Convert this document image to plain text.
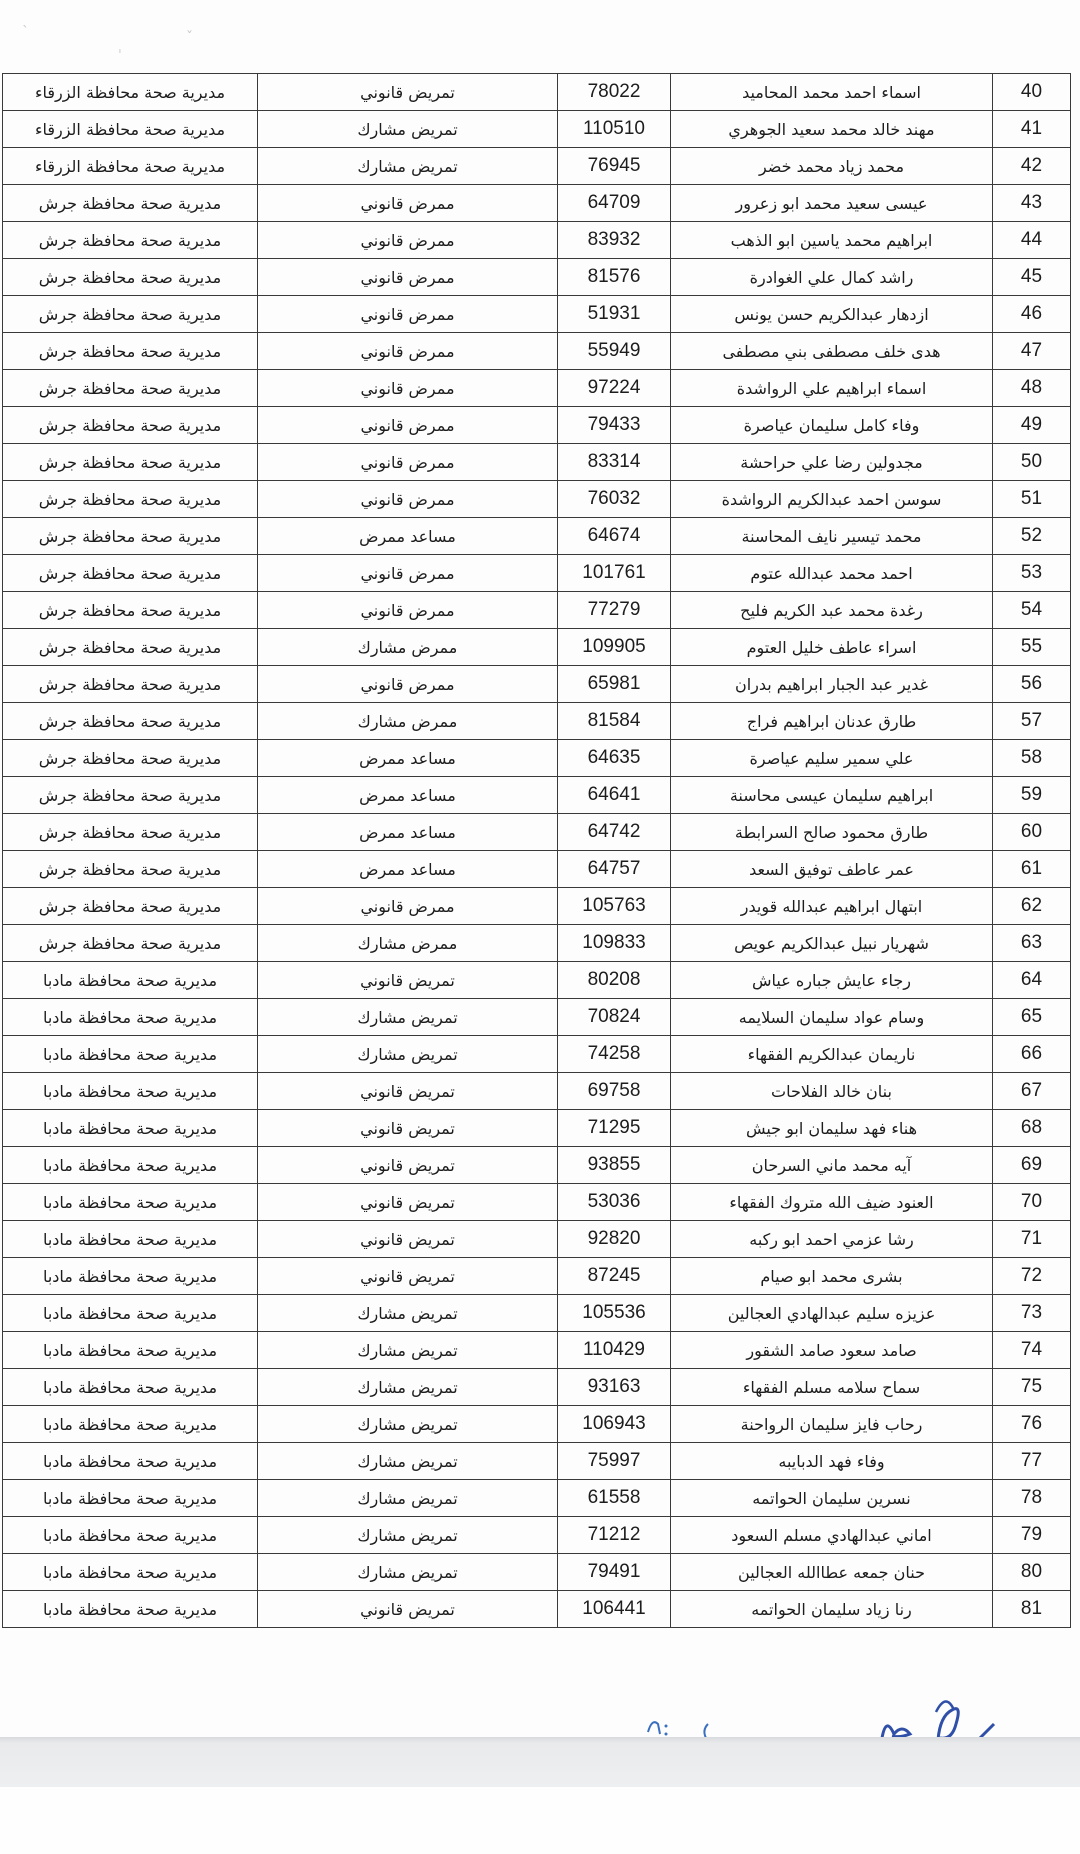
ˎ
ˈ
ˇ
40	اسماء احمد محمد المحاميد	78022	تمريض قانوني	مديرية صحة محافظة الزرقاء
41	مهند خالد محمد سعيد الجوهري	110510	تمريض مشارك	مديرية صحة محافظة الزرقاء
42	محمد زياد محمد خضر	76945	تمريض مشارك	مديرية صحة محافظة الزرقاء
43	عيسى سعيد محمد ابو زعرور	64709	ممرض قانوني	مديرية صحة محافظة جرش
44	ابراهيم محمد ياسين ابو الذهب	83932	ممرض قانوني	مديرية صحة محافظة جرش
45	راشد كمال علي الغوادرة	81576	ممرض قانوني	مديرية صحة محافظة جرش
46	ازدهار عبدالكريم حسن يونس	51931	ممرض قانوني	مديرية صحة محافظة جرش
47	هدى خلف مصطفى بني مصطفى	55949	ممرض قانوني	مديرية صحة محافظة جرش
48	اسماء ابراهيم علي الرواشدة	97224	ممرض قانوني	مديرية صحة محافظة جرش
49	وفاء كامل سليمان عياصرة	79433	ممرض قانوني	مديرية صحة محافظة جرش
50	مجدولين رضا علي حراحشة	83314	ممرض قانوني	مديرية صحة محافظة جرش
51	سوسن احمد عبدالكريم الرواشدة	76032	ممرض قانوني	مديرية صحة محافظة جرش
52	محمد تيسير نايف المحاسنة	64674	مساعد ممرض	مديرية صحة محافظة جرش
53	احمد محمد عبدالله عتوم	101761	ممرض قانوني	مديرية صحة محافظة جرش
54	رغدة محمد عبد الكريم فليح	77279	ممرض قانوني	مديرية صحة محافظة جرش
55	اسراء عاطف خليل العتوم	109905	ممرض مشارك	مديرية صحة محافظة جرش
56	غدير عبد الجبار ابراهيم بدران	65981	ممرض قانوني	مديرية صحة محافظة جرش
57	طارق عدنان ابراهيم فراج	81584	ممرض مشارك	مديرية صحة محافظة جرش
58	علي سمير سليم عياصرة	64635	مساعد ممرض	مديرية صحة محافظة جرش
59	ابراهيم سليمان عيسى محاسنة	64641	مساعد ممرض	مديرية صحة محافظة جرش
60	طارق محمود صالح السرابطة	64742	مساعد ممرض	مديرية صحة محافظة جرش
61	عمر عاطف توفيق السعد	64757	مساعد ممرض	مديرية صحة محافظة جرش
62	ابتهال ابراهيم عبدالله قويدر	105763	ممرض قانوني	مديرية صحة محافظة جرش
63	شهريار نبيل عبدالكريم عويص	109833	ممرض مشارك	مديرية صحة محافظة جرش
64	رجاء عايش جباره عياش	80208	تمريض قانوني	مديرية صحة محافظة مادبا
65	وسام عواد سليمان السلايمه	70824	تمريض مشارك	مديرية صحة محافظة مادبا
66	ناريمان عبدالكريم الفقهاء	74258	تمريض مشارك	مديرية صحة محافظة مادبا
67	بنان خالد الفلاحات	69758	تمريض قانوني	مديرية صحة محافظة مادبا
68	هناء فهد سليمان ابو جيش	71295	تمريض قانوني	مديرية صحة محافظة مادبا
69	آيه محمد ماني السرحان	93855	تمريض قانوني	مديرية صحة محافظة مادبا
70	العنود ضيف الله متروك الفقهاء	53036	تمريض قانوني	مديرية صحة محافظة مادبا
71	رشا عزمي احمد ابو ركبه	92820	تمريض قانوني	مديرية صحة محافظة مادبا
72	بشرى محمد ابو صيام	87245	تمريض قانوني	مديرية صحة محافظة مادبا
73	عزيزه سليم عبدالهادي العجالين	105536	تمريض مشارك	مديرية صحة محافظة مادبا
74	صامد سعود صامد الشقور	110429	تمريض مشارك	مديرية صحة محافظة مادبا
75	سماح سلامه مسلم الفقهاء	93163	تمريض مشارك	مديرية صحة محافظة مادبا
76	رحاب فايز سليمان الرواحنة	106943	تمريض مشارك	مديرية صحة محافظة مادبا
77	وفاء فهد الدبايبه	75997	تمريض مشارك	مديرية صحة محافظة مادبا
78	نسرين سليمان الحواتمه	61558	تمريض مشارك	مديرية صحة محافظة مادبا
79	اماني عبدالهادي مسلم السعود	71212	تمريض مشارك	مديرية صحة محافظة مادبا
80	حنان جمعه عطاالله العجالين	79491	تمريض مشارك	مديرية صحة محافظة مادبا
81	رنا زياد سليمان الحواتمه	106441	تمريض قانوني	مديرية صحة محافظة مادبا
